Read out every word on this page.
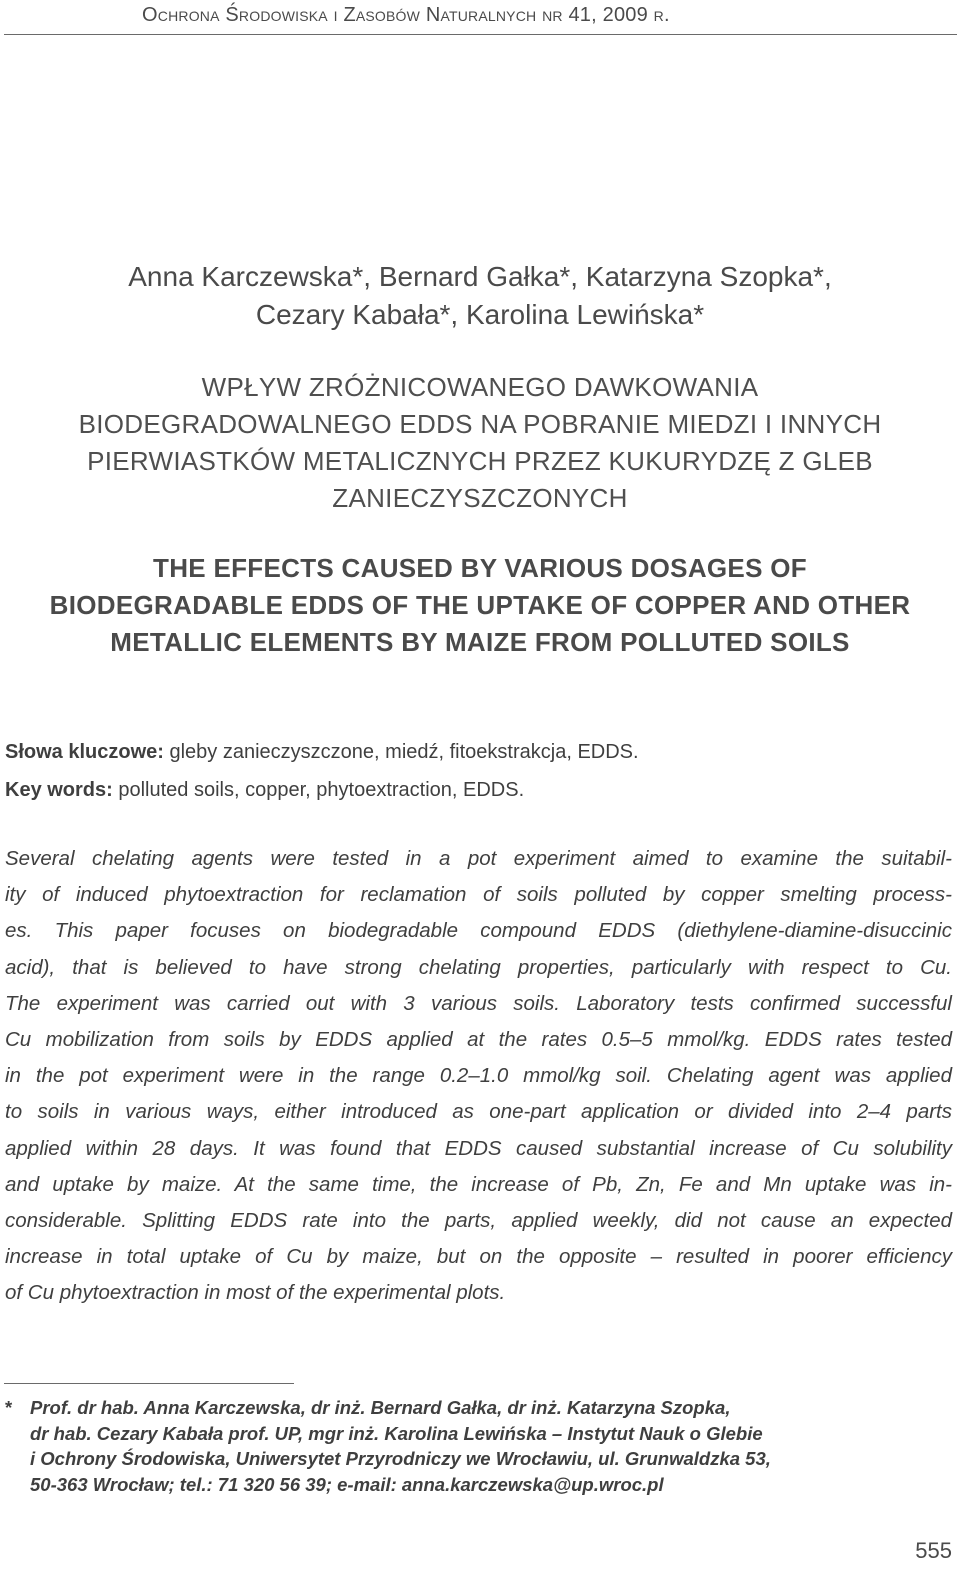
Ochrona Środowiska i Zasobów Naturalnych nr 41, 2009 r.
Anna Karczewska*, Bernard Gałka*, Katarzyna Szopka*,
Cezary Kabała*, Karolina Lewińska*
WPŁYW ZRÓŻNICOWANEGO DAWKOWANIA
BIODEGRADOWALNEGO EDDS NA POBRANIE MIEDZI I INNYCH
PIERWIASTKÓW METALICZNYCH PRZEZ KUKURYDZĘ Z GLEB
ZANIECZYSZCZONYCH
THE EFFECTS CAUSED BY VARIOUS DOSAGES OF
BIODEGRADABLE EDDS OF THE UPTAKE OF COPPER AND OTHER
METALLIC ELEMENTS BY MAIZE FROM POLLUTED SOILS
Słowa kluczowe: gleby zanieczyszczone, miedź, fitoekstrakcja, EDDS.
Key words: polluted soils, copper, phytoextraction, EDDS.
Several chelating agents were tested in a pot experiment aimed to examine the suitabil-
ity of induced phytoextraction for reclamation of soils polluted by copper smelting process-
es. This paper focuses on biodegradable compound EDDS (diethylene-diamine-disuccinic
acid), that is believed to have strong chelating properties, particularly with respect to Cu.
The experiment was carried out with 3 various soils. Laboratory tests confirmed successful
Cu mobilization from soils by EDDS applied at the rates 0.5–5 mmol/kg. EDDS rates tested
in the pot experiment were in the range 0.2–1.0 mmol/kg soil. Chelating agent was applied
to soils in various ways, either introduced as one-part application or divided into 2–4 parts
applied within 28 days. It was found that EDDS caused substantial increase of Cu solubility
and uptake by maize. At the same time, the increase of Pb, Zn, Fe and Mn uptake was in-
considerable. Splitting EDDS rate into the parts, applied weekly, did not cause an expected
increase in total uptake of Cu by maize, but on the opposite – resulted in poorer efficiency
of Cu phytoextraction in most of the experimental plots.
* Prof. dr hab. Anna Karczewska, dr inż. Bernard Gałka, dr inż. Katarzyna Szopka,
dr hab. Cezary Kabała prof. UP, mgr inż. Karolina Lewińska – Instytut Nauk o Glebie
i Ochrony Środowiska, Uniwersytet Przyrodniczy we Wrocławiu, ul. Grunwaldzka 53,
50-363 Wrocław; tel.: 71 320 56 39; e-mail: anna.karczewska@up.wroc.pl
555
